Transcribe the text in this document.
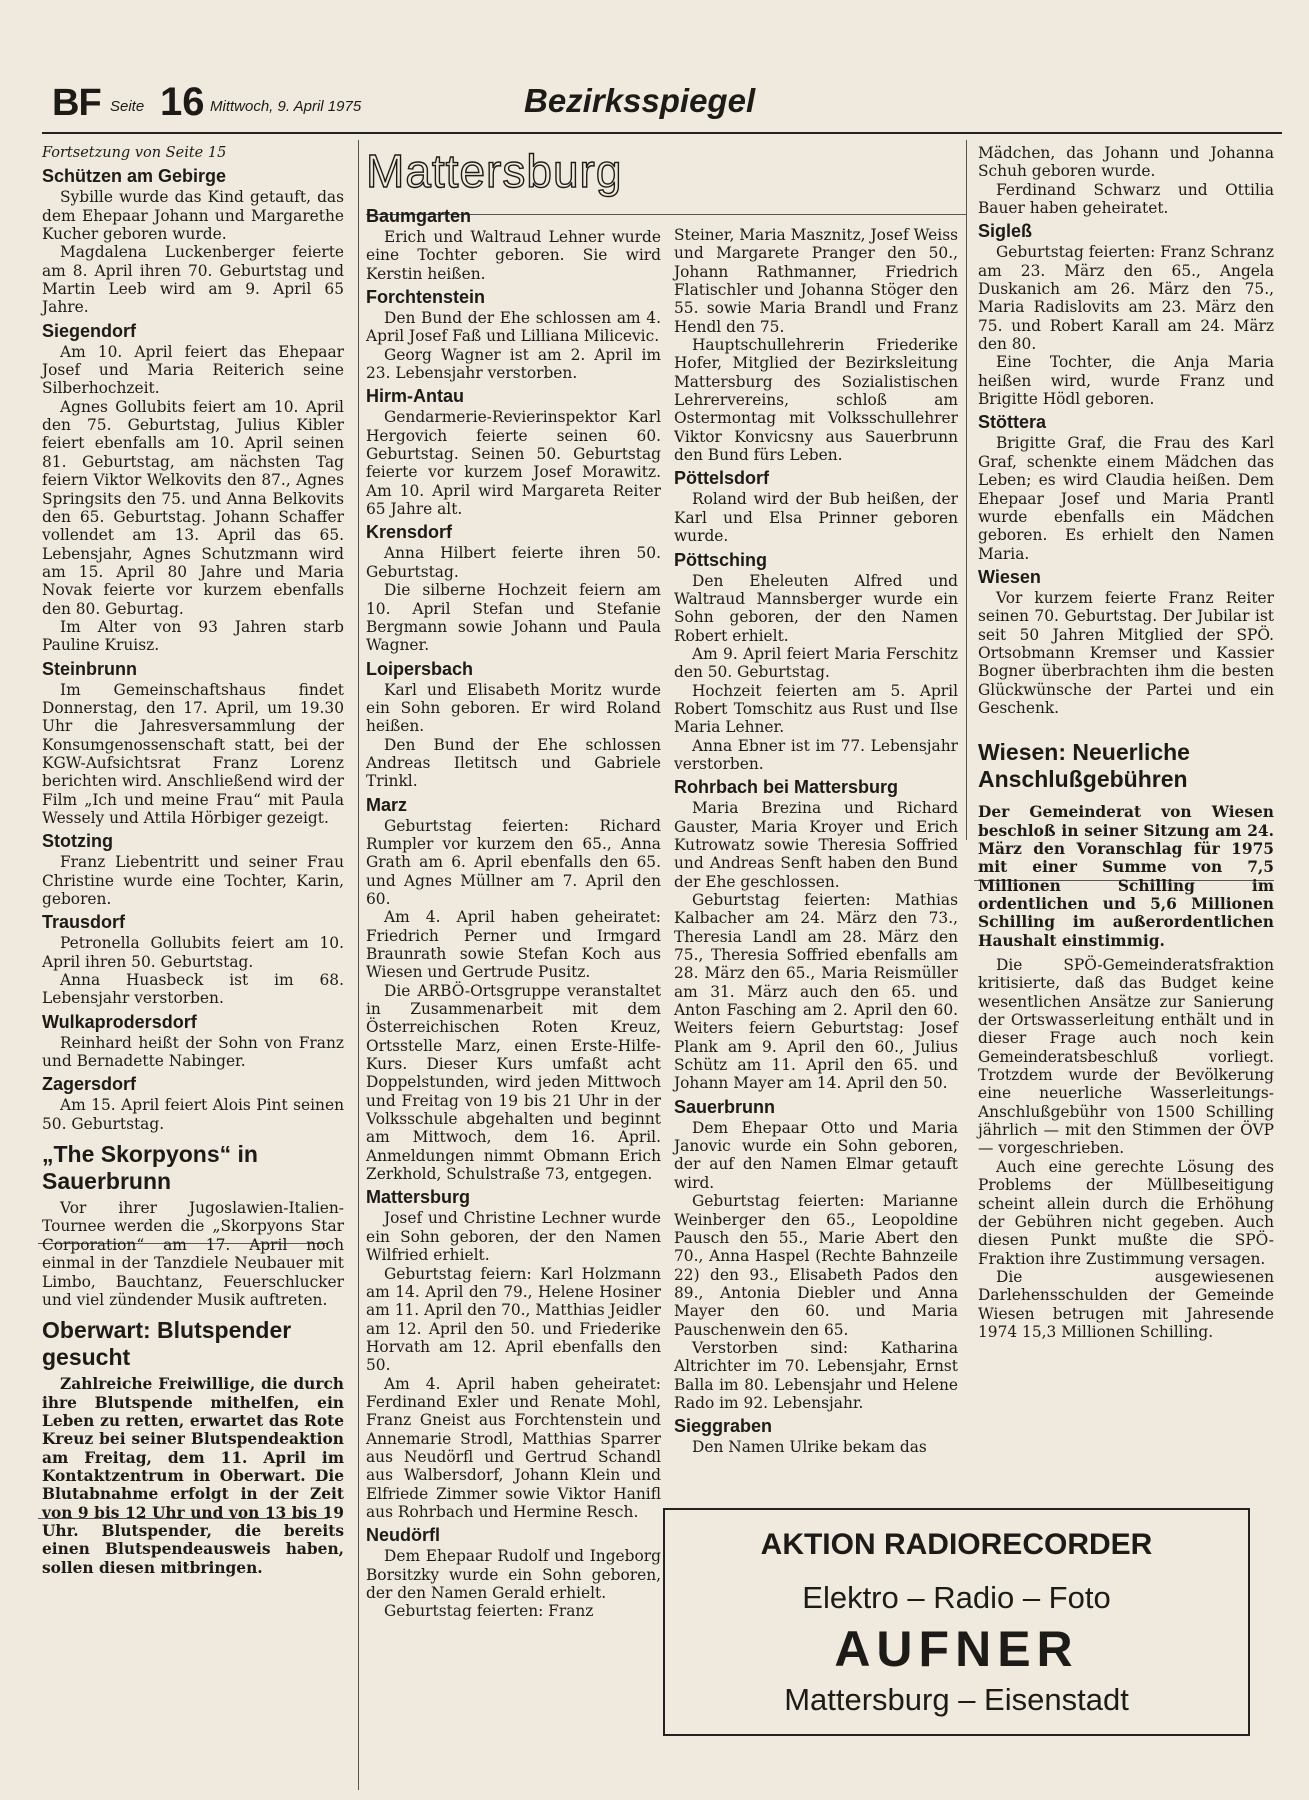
BF Seite 16 Mittwoch, 9. April 1975	Bezirksspiegel
Fortsetzung von Seite 15
Schützen am Gebirge

Sybille wurde das Kind getauft, das dem Ehepaar Johann und Margarethe Kucher geboren wurde.

Magdalena Luckenberger feierte am 8. April ihren 70. Geburtstag und Martin Leeb wird am 9. April 65 Jahre.

Siegendorf

Am 10. April feiert das Ehepaar Josef und Maria Reiterich seine Silberhochzeit.

Agnes Gollubits feiert am 10. April den 75. Geburtstag, Julius Kibler feiert ebenfalls am 10. April seinen 81. Geburtstag, am nächsten Tag feiern Viktor Welkovits den 87., Agnes Springsits den 75. und Anna Belkovits den 65. Geburtstag. Johann Schaffer vollendet am 13. April das 65. Lebensjahr, Agnes Schutzmann wird am 15. April 80 Jahre und Maria Novak feierte vor kurzem ebenfalls den 80. Geburtag.

Im Alter von 93 Jahren starb Pauline Kruisz.

Steinbrunn

Im Gemeinschaftshaus findet Donnerstag, den 17. April, um 19.30 Uhr die Jahresversammlung der Konsumgenossenschaft statt, bei der KGW-Aufsichtsrat Franz Lorenz berichten wird. Anschließend wird der Film „Ich und meine Frau“ mit Paula Wessely und Attila Hörbiger gezeigt.

Stotzing

Franz Liebentritt und seiner Frau Christine wurde eine Tochter, Karin, geboren.

Trausdorf

Petronella Gollubits feiert am 10. April ihren 50. Geburtstag.

Anna Huasbeck ist im 68. Lebensjahr verstorben.

Wulkaprodersdorf

Reinhard heißt der Sohn von Franz und Bernadette Nabinger.

Zagersdorf

Am 15. April feiert Alois Pint seinen 50. Geburtstag.

„The Skorpyons“ in Sauerbrunn

Vor ihrer Jugoslawien-Italien-Tournee werden die „Skorpyons Star Corporation“ am 17. April noch einmal in der Tanzdiele Neubauer mit Limbo, Bauchtanz, Feuerschlucker und viel zündender Musik auftreten.

Oberwart: Blutspender gesucht

Zahlreiche Freiwillige, die durch ihre Blutspende mithelfen, ein Leben zu retten, erwartet das Rote Kreuz bei seiner Blutspendeaktion am Freitag, dem 11. April im Kontaktzentrum in Oberwart. Die Blutabnahme erfolgt in der Zeit von 9 bis 12 Uhr und von 13 bis 19 Uhr. Blutspender, die bereits einen Blutspendeausweis haben, sollen diesen mitbringen.

Mattersburg
Baumgarten

Erich und Waltraud Lehner wurde eine Tochter geboren. Sie wird Kerstin heißen.

Forchtenstein

Den Bund der Ehe schlossen am 4. April Josef Faß und Lilliana Milicevic.

Georg Wagner ist am 2. April im 23. Lebensjahr verstorben.

Hirm-Antau

Gendarmerie-Revierinspektor Karl Hergovich feierte seinen 60. Geburtstag. Seinen 50. Geburtstag feierte vor kurzem Josef Morawitz. Am 10. April wird Margareta Reiter 65 Jahre alt.

Krensdorf

Anna Hilbert feierte ihren 50. Geburtstag.

Die silberne Hochzeit feiern am 10. April Stefan und Stefanie Bergmann sowie Johann und Paula Wagner.

Loipersbach

Karl und Elisabeth Moritz wurde ein Sohn geboren. Er wird Roland heißen.

Den Bund der Ehe schlossen Andreas Iletitsch und Gabriele Trinkl.

Marz

Geburtstag feierten: Richard Rumpler vor kurzem den 65., Anna Grath am 6. April ebenfalls den 65. und Agnes Müllner am 7. April den 60.

Am 4. April haben geheiratet: Friedrich Perner und Irmgard Braunrath sowie Stefan Koch aus Wiesen und Gertrude Pusitz.

Die ARBÖ-Ortsgruppe veranstaltet in Zusammenarbeit mit dem Österreichischen Roten Kreuz, Ortsstelle Marz, einen Erste-Hilfe-Kurs. Dieser Kurs umfaßt acht Doppelstunden, wird jeden Mittwoch und Freitag von 19 bis 21 Uhr in der Volksschule abgehalten und beginnt am Mittwoch, dem 16. April. Anmeldungen nimmt Obmann Erich Zerkhold, Schulstraße 73, entgegen.

Mattersburg

Josef und Christine Lechner wurde ein Sohn geboren, der den Namen Wilfried erhielt.

Geburtstag feiern: Karl Holzmann am 14. April den 79., Helene Hosiner am 11. April den 70., Matthias Jeidler am 12. April den 50. und Friederike Horvath am 12. April ebenfalls den 50.

Am 4. April haben geheiratet: Ferdinand Exler und Renate Mohl, Franz Gneist aus Forchtenstein und Annemarie Strodl, Matthias Sparrer aus Neudörfl und Gertrud Schandl aus Walbersdorf, Johann Klein und Elfriede Zimmer sowie Viktor Hanifl aus Rohrbach und Hermine Resch.

Neudörfl

Dem Ehepaar Rudolf und Ingeborg Borsitzky wurde ein Sohn geboren, der den Namen Gerald erhielt.

Geburtstag feierten: Franz

Steiner, Maria Masznitz, Josef Weiss und Margarete Pranger den 50., Johann Rathmanner, Friedrich Flatischler und Johanna Stöger den 55. sowie Maria Brandl und Franz Hendl den 75.

Hauptschullehrerin Friederike Hofer, Mitglied der Bezirksleitung Mattersburg des Sozialistischen Lehrervereins, schloß am Ostermontag mit Volksschullehrer Viktor Konvicsny aus Sauerbrunn den Bund fürs Leben.

Pöttelsdorf

Roland wird der Bub heißen, der Karl und Elsa Prinner geboren wurde.

Pöttsching

Den Eheleuten Alfred und Waltraud Mannsberger wurde ein Sohn geboren, der den Namen Robert erhielt.

Am 9. April feiert Maria Ferschitz den 50. Geburtstag.

Hochzeit feierten am 5. April Robert Tomschitz aus Rust und Ilse Maria Lehner.

Anna Ebner ist im 77. Lebensjahr verstorben.

Rohrbach bei Mattersburg

Maria Brezina und Richard Gauster, Maria Kroyer und Erich Kutrowatz sowie Theresia Soffried und Andreas Senft haben den Bund der Ehe geschlossen.

Geburtstag feierten: Mathias Kalbacher am 24. März den 73., Theresia Landl am 28. März den 75., Theresia Soffried ebenfalls am 28. März den 65., Maria Reismüller am 31. März auch den 65. und Anton Fasching am 2. April den 60. Weiters feiern Geburtstag: Josef Plank am 9. April den 60., Julius Schütz am 11. April den 65. und Johann Mayer am 14. April den 50.

Sauerbrunn

Dem Ehepaar Otto und Maria Janovic wurde ein Sohn geboren, der auf den Namen Elmar getauft wird.

Geburtstag feierten: Marianne Weinberger den 65., Leopoldine Pausch den 55., Marie Abert den 70., Anna Haspel (Rechte Bahnzeile 22) den 93., Elisabeth Pados den 89., Antonia Diebler und Anna Mayer den 60. und Maria Pauschenwein den 65.

Verstorben sind: Katharina Altrichter im 70. Lebensjahr, Ernst Balla im 80. Lebensjahr und Helene Rado im 92. Lebensjahr.

Sieggraben

Den Namen Ulrike bekam das

Mädchen, das Johann und Johanna Schuh geboren wurde.

Ferdinand Schwarz und Ottilia Bauer haben geheiratet.

Sigleß

Geburtstag feierten: Franz Schranz am 23. März den 65., Angela Duskanich am 26. März den 75., Maria Radislovits am 23. März den 75. und Robert Karall am 24. März den 80.

Eine Tochter, die Anja Maria heißen wird, wurde Franz und Brigitte Hödl geboren.

Stöttera

Brigitte Graf, die Frau des Karl Graf, schenkte einem Mädchen das Leben; es wird Claudia heißen. Dem Ehepaar Josef und Maria Prantl wurde ebenfalls ein Mädchen geboren. Es erhielt den Namen Maria.

Wiesen

Vor kurzem feierte Franz Reiter seinen 70. Geburtstag. Der Jubilar ist seit 50 Jahren Mitglied der SPÖ. Ortsobmann Kremser und Kassier Bogner überbrachten ihm die besten Glückwünsche der Partei und ein Geschenk.

Wiesen: Neuerliche Anschlußgebühren

Der Gemeinderat von Wiesen beschloß in seiner Sitzung am 24. März den Voranschlag für 1975 mit einer Summe von 7,5 Millionen Schilling im ordentlichen und 5,6 Millionen Schilling im außerordentlichen Haushalt einstimmig.

Die SPÖ-Gemeinderatsfraktion kritisierte, daß das Budget keine wesentlichen Ansätze zur Sanierung der Ortswasserleitung enthält und in dieser Frage auch noch kein Gemeinderatsbeschluß vorliegt. Trotzdem wurde der Bevölkerung eine neuerliche Wasserleitungs-Anschlußgebühr von 1500 Schilling jährlich — mit den Stimmen der ÖVP — vorgeschrieben.

Auch eine gerechte Lösung des Problems der Müllbeseitigung scheint allein durch die Erhöhung der Gebühren nicht gegeben. Auch diesen Punkt mußte die SPÖ-Fraktion ihre Zustimmung versagen.

Die ausgewiesenen Darlehensschulden der Gemeinde Wiesen betrugen mit Jahresende 1974 15,3 Millionen Schilling.

AKTION RADIORECORDER
Elektro – Radio – Foto
AUFNER
Mattersburg – Eisenstadt
